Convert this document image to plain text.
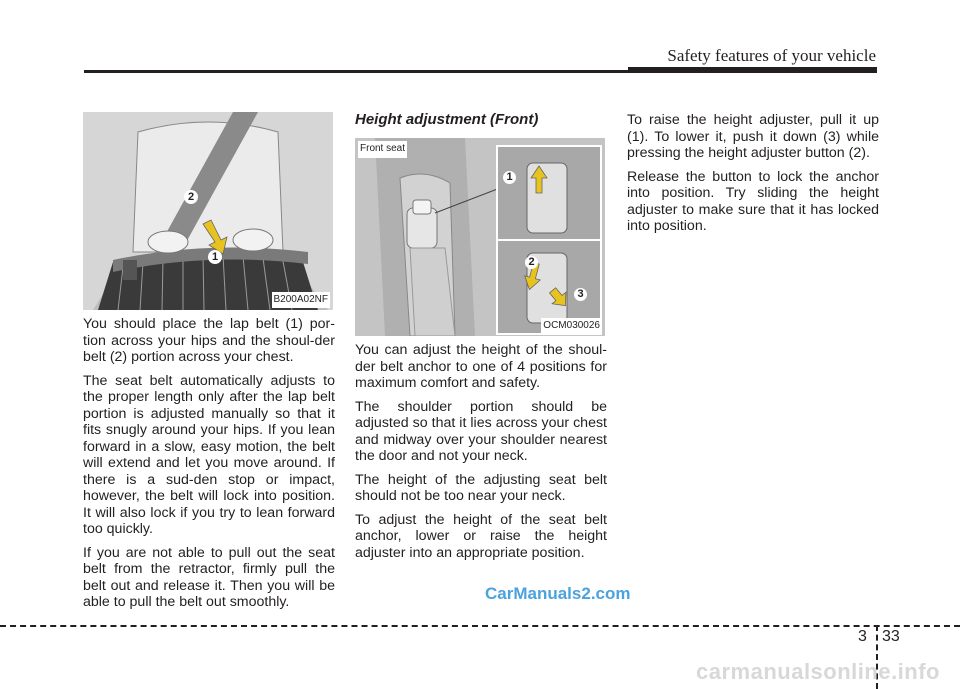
Safety features of your vehicle
2
1
B200A02NF

You should place the lap belt (1) por-tion across your hips and the shoul-der belt (2) portion across your chest.

The seat belt automatically adjusts to the proper length only after the lap belt portion is adjusted manually so that it fits snugly around your hips. If you lean forward in a slow, easy motion, the belt will extend and let you move around. If there is a sud-den stop or impact, however, the belt will lock into position. It will also lock if you try to lean forward too quickly.

If you are not able to pull out the seat belt from the retractor, firmly pull the belt out and release it. Then you will be able to pull the belt out smoothly.

Height adjustment (Front)
Front seat
1
2
3
OCM030026

You can adjust the height of the shoul-der belt anchor to one of 4 positions for maximum comfort and safety.

The shoulder portion should be adjusted so that it lies across your chest and midway over your shoulder nearest the door and not your neck.

The height of the adjusting seat belt should not be too near your neck.

To adjust the height of the seat belt anchor, lower or raise the height adjuster into an appropriate position.

To raise the height adjuster, pull it up (1). To lower it, push it down (3) while pressing the height adjuster button (2).

Release the button to lock the anchor into position. Try sliding the height adjuster to make sure that it has locked into position.

CarManuals2.com
3 33
carmanualsonline.info
